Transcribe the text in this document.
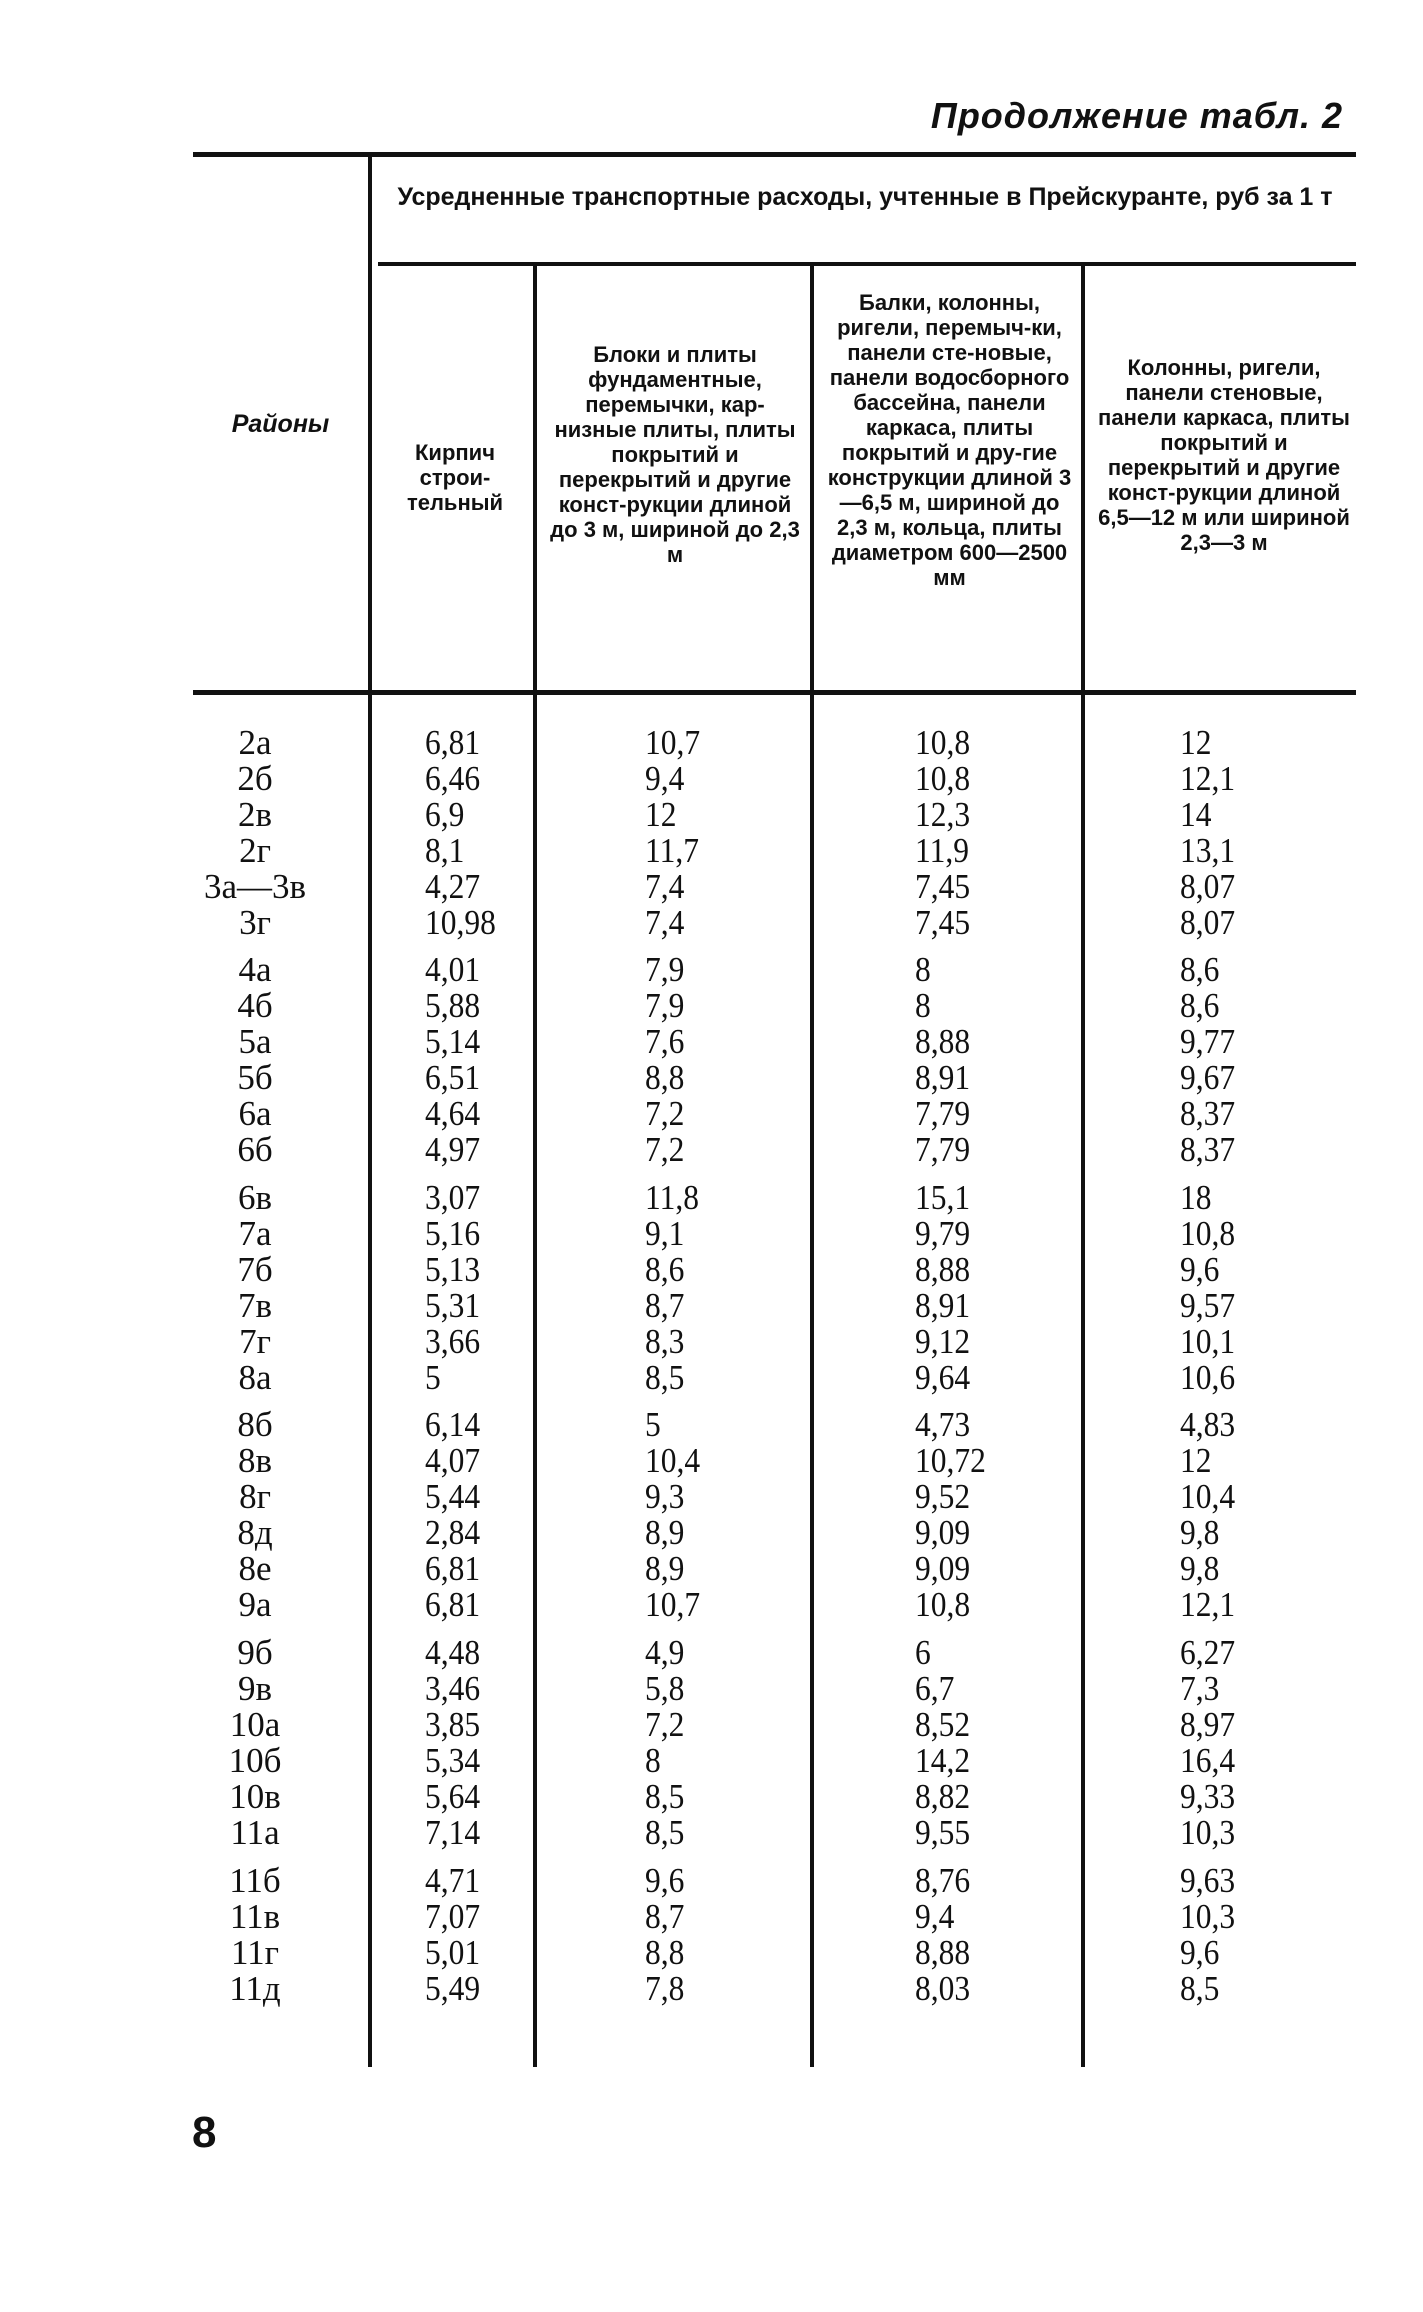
Продолжение табл. 2
Районы
Усредненные транспортные расходы, учтенные в Прейскуранте, руб за 1 т
Кирпич строи-тельный
Блоки и плиты фундаментные, перемычки, кар-низные плиты, плиты покрытий и перекрытий и другие конст-рукции длиной до 3 м, шириной до 2,3 м
Балки, колонны, ригели, перемыч-ки, панели сте-новые, панели водосборного бассейна, панели каркаса, плиты покрытий и дру-гие конструкции длиной 3—6,5 м, шириной до 2,3 м, кольца, плиты диаметром 600—2500 мм
Колонны, ригели, панели стеновые, панели каркаса, плиты покрытий и перекрытий и другие конст-рукции длиной 6,5—12 м или шириной 2,3—3 м
2а	6,81	10,7	10,8	12
2б	6,46	9,4	10,8	12,1
2в	6,9	12	12,3	14
2г	8,1	11,7	11,9	13,1
3а—3в	4,27	7,4	7,45	8,07
3г	10,98	7,4	7,45	8,07
4а	4,01	7,9	8	8,6
4б	5,88	7,9	8	8,6
5а	5,14	7,6	8,88	9,77
5б	6,51	8,8	8,91	9,67
6а	4,64	7,2	7,79	8,37
6б	4,97	7,2	7,79	8,37
6в	3,07	11,8	15,1	18
7а	5,16	9,1	9,79	10,8
7б	5,13	8,6	8,88	9,6
7в	5,31	8,7	8,91	9,57
7г	3,66	8,3	9,12	10,1
8а	5	8,5	9,64	10,6
8б	6,14	5	4,73	4,83
8в	4,07	10,4	10,72	12
8г	5,44	9,3	9,52	10,4
8д	2,84	8,9	9,09	9,8
8е	6,81	8,9	9,09	9,8
9а	6,81	10,7	10,8	12,1
9б	4,48	4,9	6	6,27
9в	3,46	5,8	6,7	7,3
10а	3,85	7,2	8,52	8,97
10б	5,34	8	14,2	16,4
10в	5,64	8,5	8,82	9,33
11а	7,14	8,5	9,55	10,3
11б	4,71	9,6	8,76	9,63
11в	7,07	8,7	9,4	10,3
11г	5,01	8,8	8,88	9,6
11д	5,49	7,8	8,03	8,5
8
